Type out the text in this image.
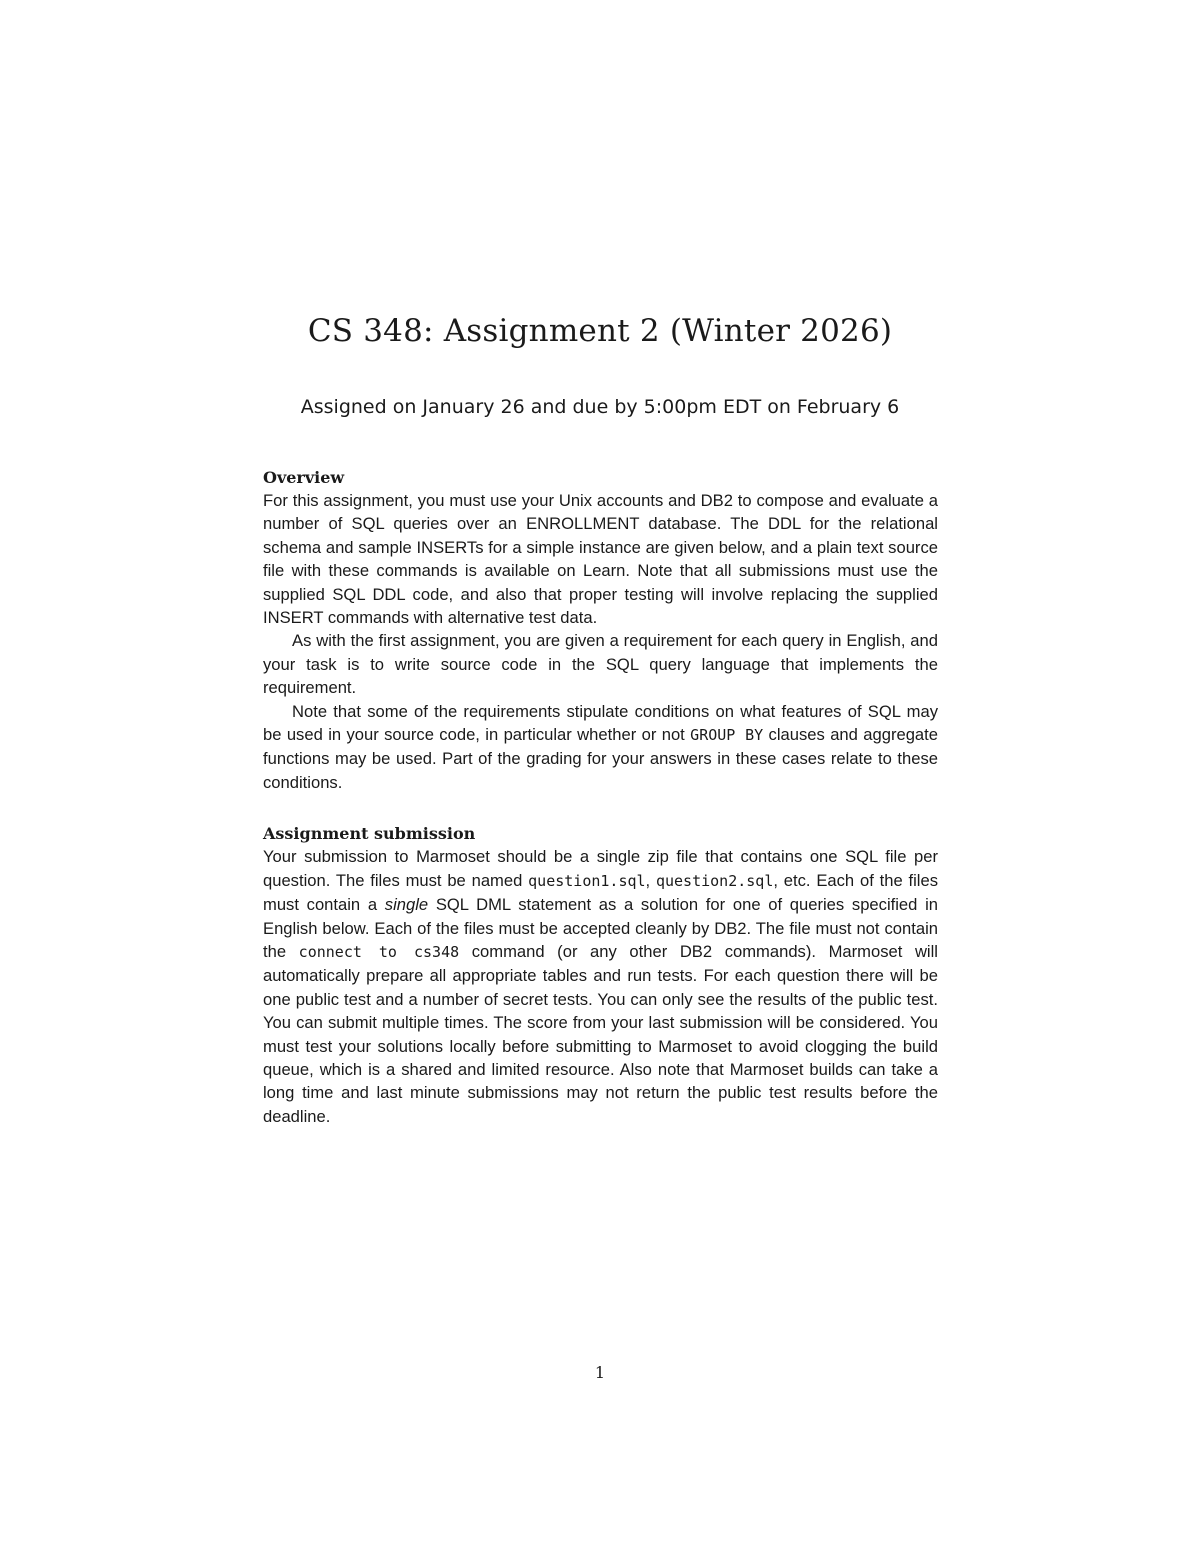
CS 348: Assignment 2 (Winter 2026)

Assigned on January 26 and due by 5:00pm EDT on February 6

Overview

For this assignment, you must use your Unix accounts and DB2 to compose and evaluate a number of SQL queries over an ENROLLMENT database. The DDL for the relational schema and sample INSERTs for a simple instance are given below, and a plain text source file with these commands is available on Learn. Note that all submissions must use the supplied SQL DDL code, and also that proper testing will involve replacing the supplied INSERT commands with alternative test data.

As with the first assignment, you are given a requirement for each query in English, and your task is to write source code in the SQL query language that implements the requirement.

Note that some of the requirements stipulate conditions on what features of SQL may be used in your source code, in particular whether or not GROUP BY clauses and aggregate functions may be used. Part of the grading for your answers in these cases relate to these conditions.

Assignment submission

Your submission to Marmoset should be a single zip file that contains one SQL file per question. The files must be named question1.sql, question2.sql, etc. Each of the files must contain a single SQL DML statement as a solution for one of queries specified in English below. Each of the files must be accepted cleanly by DB2. The file must not contain the connect to cs348 command (or any other DB2 commands). Marmoset will automatically prepare all appropriate tables and run tests. For each question there will be one public test and a number of secret tests. You can only see the results of the public test. You can submit multiple times. The score from your last submission will be considered. You must test your solutions locally before submitting to Marmoset to avoid clogging the build queue, which is a shared and limited resource. Also note that Marmoset builds can take a long time and last minute submissions may not return the public test results before the deadline.

1
